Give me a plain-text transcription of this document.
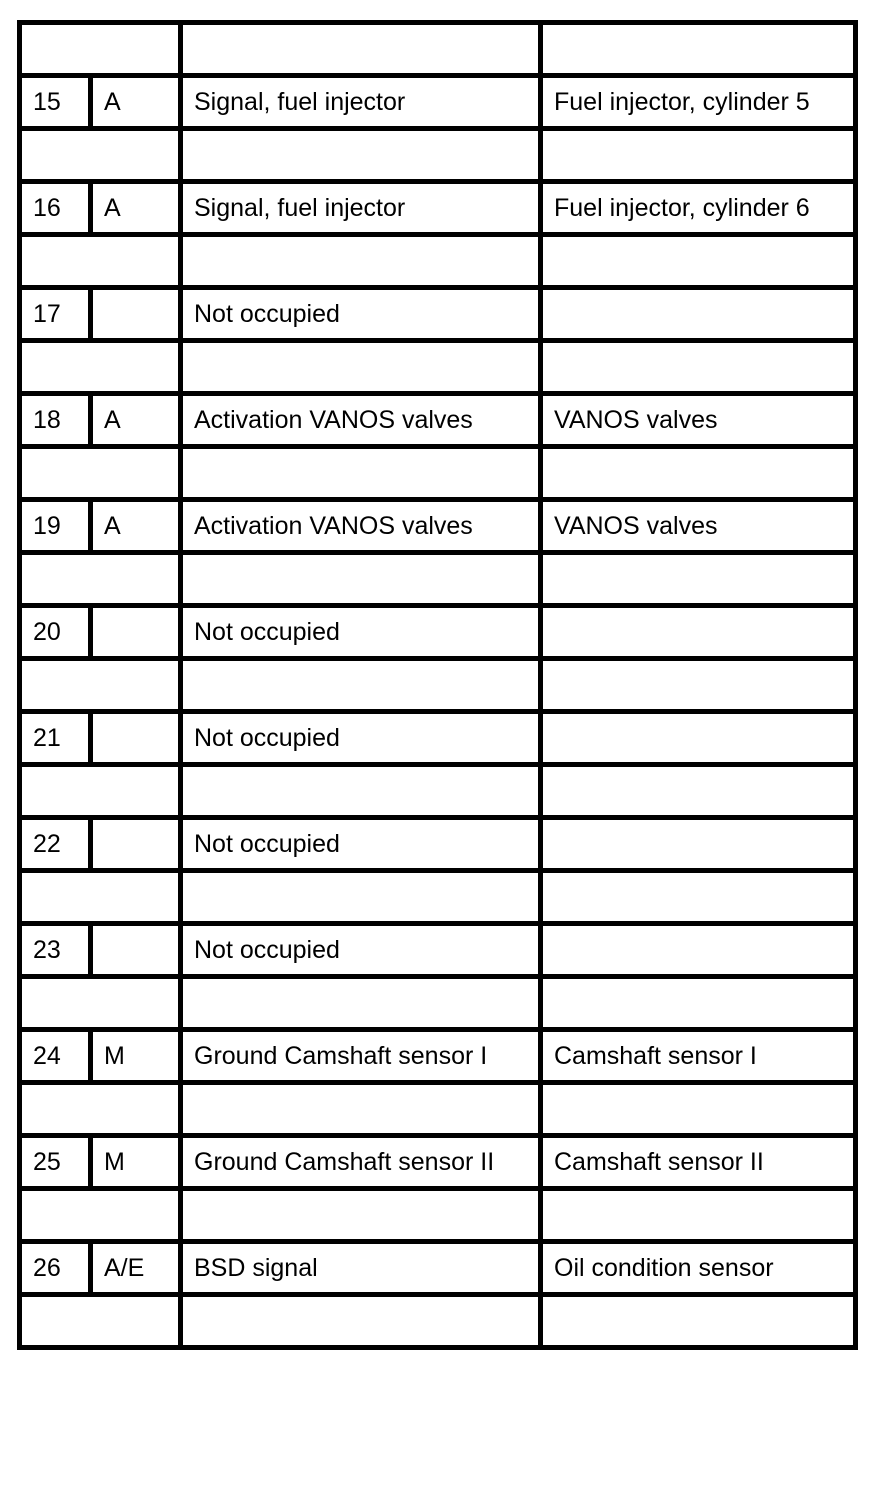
15	A	Signal, fuel injector	Fuel injector, cylinder 5

16	A	Signal, fuel injector	Fuel injector, cylinder 6

17		Not occupied	

18	A	Activation VANOS valves	VANOS valves

19	A	Activation VANOS valves	VANOS valves

20		Not occupied	

21		Not occupied	

22		Not occupied	

23		Not occupied	

24	M	Ground Camshaft sensor I	Camshaft sensor I

25	M	Ground Camshaft sensor II	Camshaft sensor II

26	A/E	BSD signal	Oil condition sensor
